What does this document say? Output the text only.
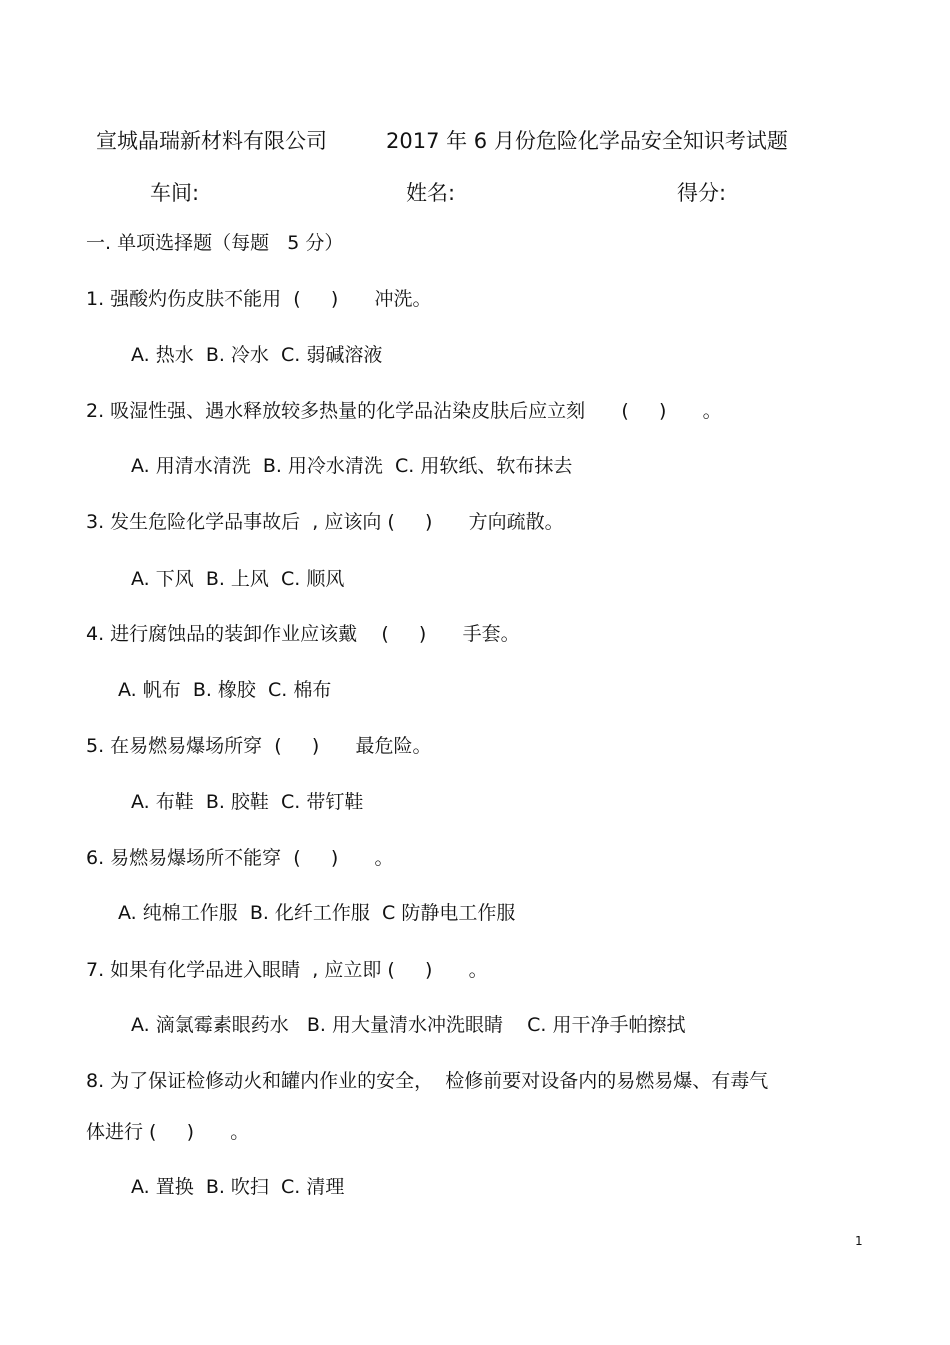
宣城晶瑞新材料有限公司	2017 年 6 月份危险化学品安全知识考试题
车间:	姓名:	得分:
一. 单项选择题（每题   5 分）
1. 强酸灼伤皮肤不能用  (     )      冲洗。
A. 热水  B. 冷水  C. 弱碱溶液
2. 吸湿性强、遇水释放较多热量的化学品沾染皮肤后应立刻      (     )      。
A. 用清水清洗  B. 用冷水清洗  C. 用软纸、软布抹去
3. 发生危险化学品事故后  , 应该向 (     )      方向疏散。
A. 下风  B. 上风  C. 顺风
4. 进行腐蚀品的装卸作业应该戴    (     )      手套。
A. 帆布  B. 橡胶  C. 棉布
5. 在易燃易爆场所穿  (     )      最危险。
A. 布鞋  B. 胶鞋  C. 带钉鞋
6. 易燃易爆场所不能穿  (     )      。
A. 纯棉工作服  B. 化纤工作服  C 防静电工作服
7. 如果有化学品进入眼睛  , 应立即 (     )      。
A. 滴氯霉素眼药水   B. 用大量清水冲洗眼睛    C. 用干净手帕擦拭
8. 为了保证检修动火和罐内作业的安全，  检修前要对设备内的易燃易爆、有毒气
体进行 (     )      。
A. 置换  B. 吹扫  C. 清理
1
